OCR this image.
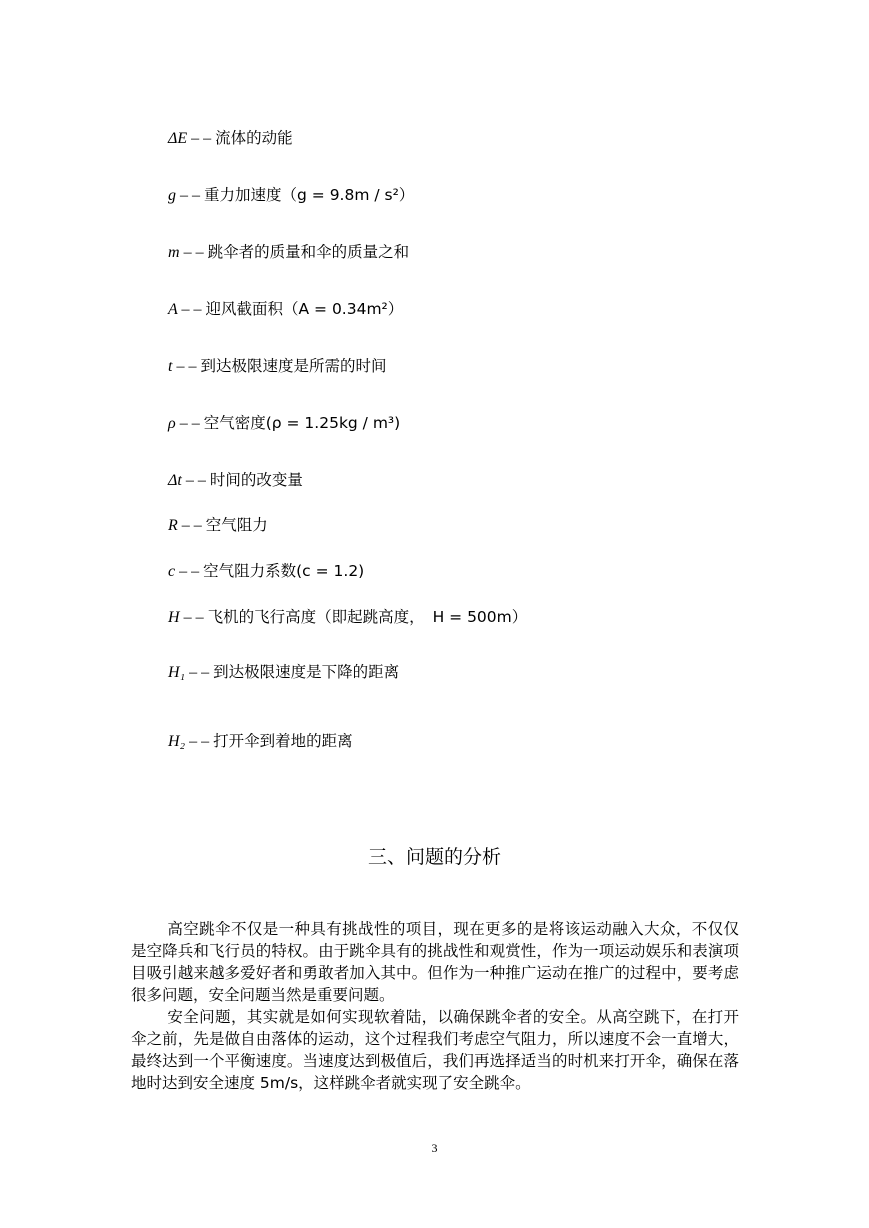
ΔE – – 流体的动能
g – – 重力加速度（g = 9.8m / s²）
m – – 跳伞者的质量和伞的质量之和
A – – 迎风截面积（A = 0.34m²）
t – – 到达极限速度是所需的时间
ρ – – 空气密度(ρ = 1.25kg / m³)
Δt – – 时间的改变量
R – – 空气阻力
c – – 空气阻力系数(c = 1.2)
H – – 飞机的飞行高度（即起跳高度， H = 500m）
H₁ – – 到达极限速度是下降的距离
H₂ – – 打开伞到着地的距离
三、问题的分析
高空跳伞不仅是一种具有挑战性的项目，现在更多的是将该运动融入大众，不仅仅是空降兵和飞行员的特权。由于跳伞具有的挑战性和观赏性，作为一项运动娱乐和表演项目吸引越来越多爱好者和勇敢者加入其中。但作为一种推广运动在推广的过程中，要考虑很多问题，安全问题当然是重要问题。
安全问题，其实就是如何实现软着陆，以确保跳伞者的安全。从高空跳下，在打开伞之前，先是做自由落体的运动，这个过程我们考虑空气阻力，所以速度不会一直增大，最终达到一个平衡速度。当速度达到极值后，我们再选择适当的时机来打开伞，确保在落地时达到安全速度 5m/s，这样跳伞者就实现了安全跳伞。
3
